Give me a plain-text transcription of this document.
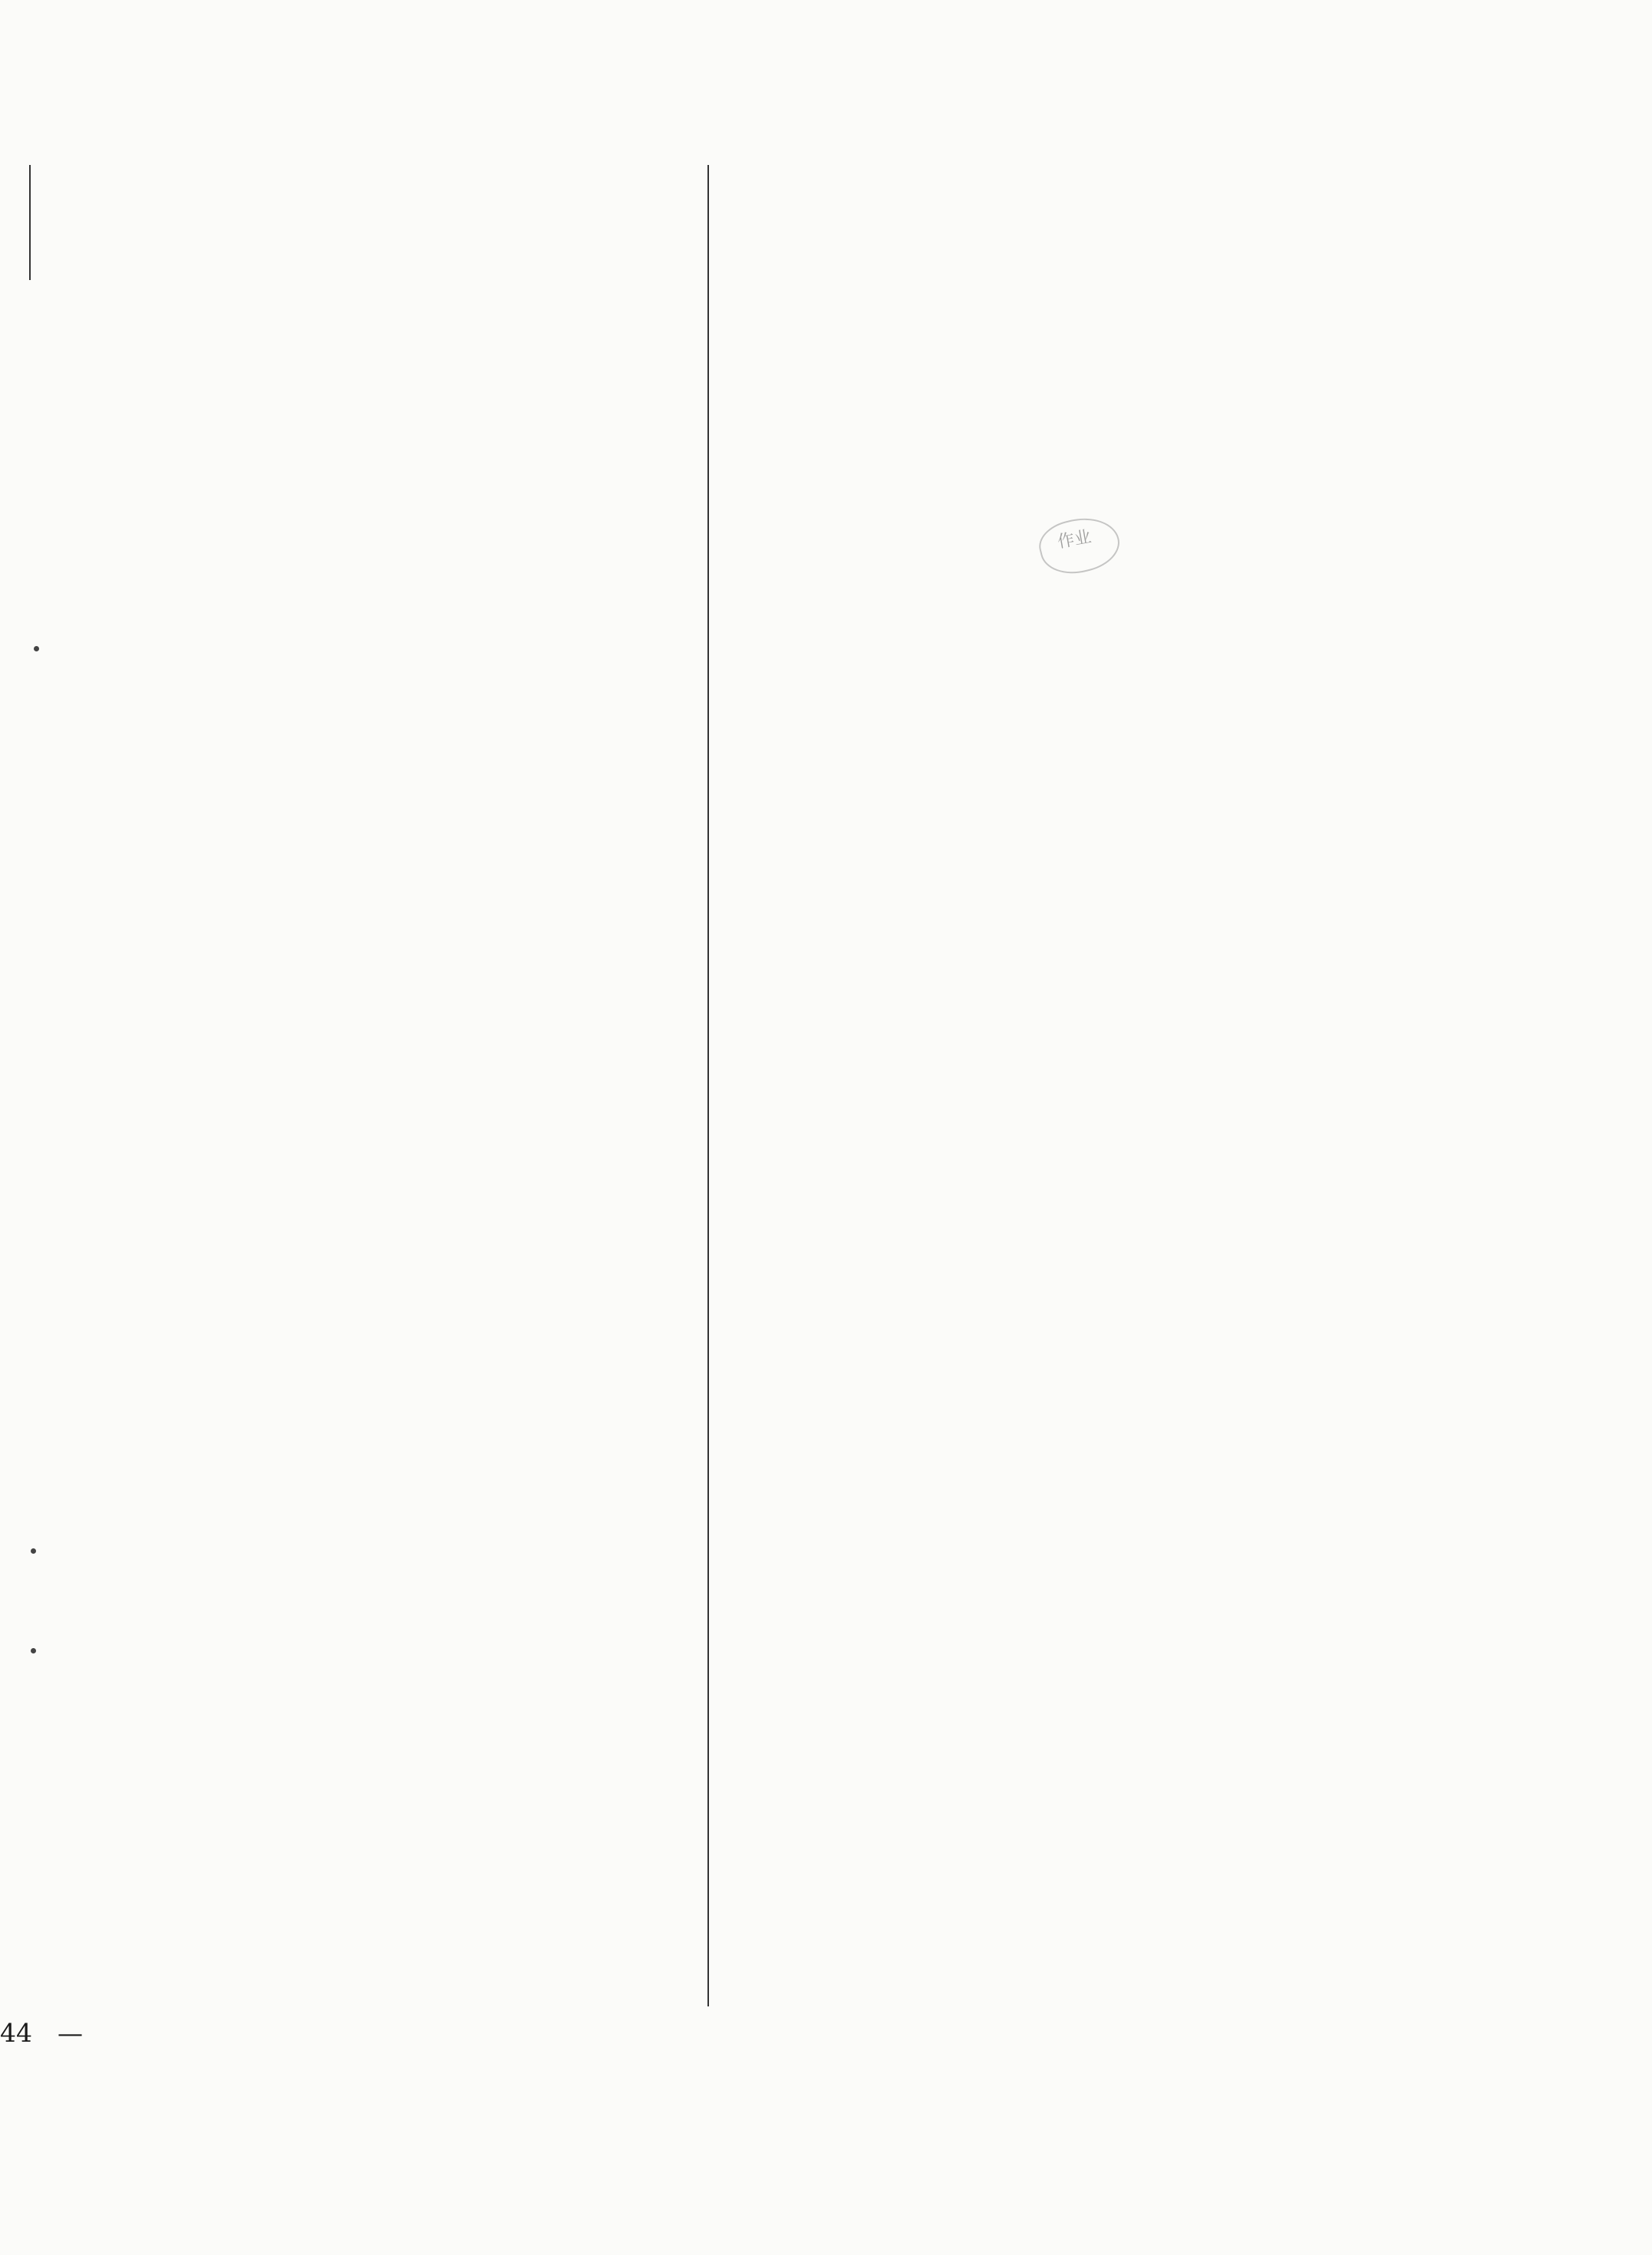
作业
44　—
